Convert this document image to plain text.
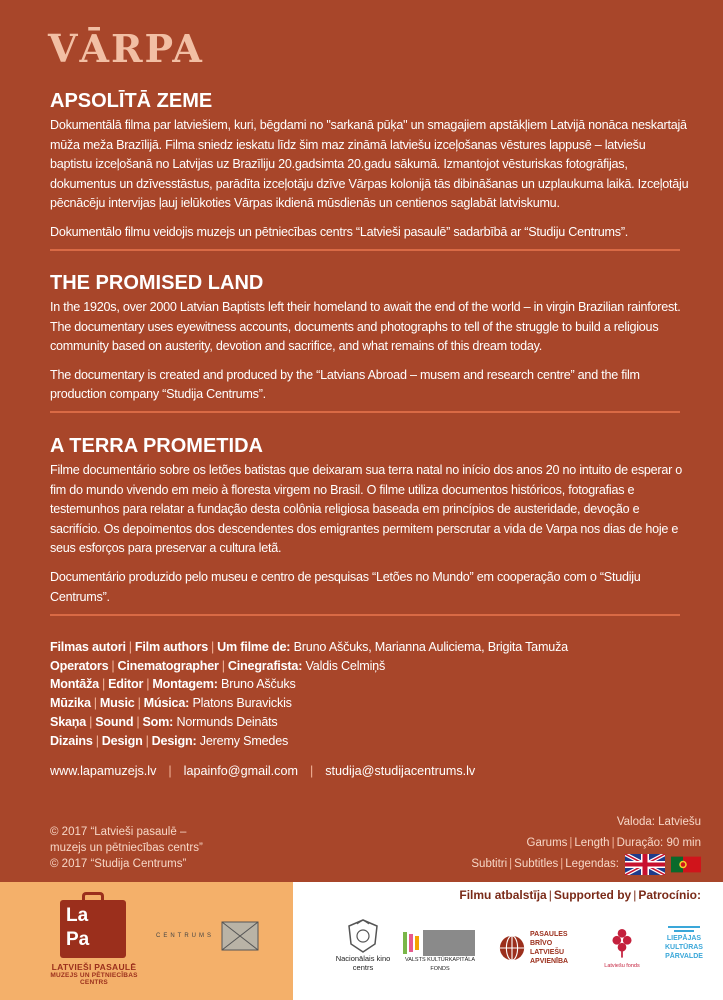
VĀRPA
APSOLĪTĀ ZEME

Dokumentālā filma par latviešiem, kuri, bēgdami no "sarkanā pūķa" un smagajiem apstākļiem Latvijā nonāca neskartajā mūža meža Brazīlijā. Filma sniedz ieskatu līdz šim maz zināmā latviešu izceļošanas vēstures lappusē – latviešu baptistu izceļošanā no Latvijas uz Brazīliju 20.gadsimta 20.gadu sākumā. Izmantojot vēsturiskas fotogrāfijas, dokumentus un dzīvesstāstus, parādīta izceļotāju dzīve Vārpas kolonijā tās dibināšanas un uzplaukuma laikā. Izceļotāju pēcnācēju intervijas ļauj ielūkoties Vārpas ikdienā mūsdienās un centienos saglabāt latviskumu.

Dokumentālo filmu veidojis muzejs un pētniecības centrs “Latvieši pasaulē” sadarbībā ar “Studiju Centrums”.

THE PROMISED LAND

In the 1920s, over 2000 Latvian Baptists left their homeland to await the end of the world – in virgin Brazilian rainforest. The documentary uses eyewitness accounts, documents and photographs to tell of the struggle to build a religious community based on austerity, devotion and sacrifice, and what remains of this dream today.

The documentary is created and produced by the “Latvians Abroad – musem and research centre” and the film production company “Studija Centrums”.

A TERRA PROMETIDA

Filme documentário sobre os letões batistas que deixaram sua terra natal no início dos anos 20 no intuito de esperar o fim do mundo vivendo em meio à floresta virgem no Brasil. O filme utiliza documentos históricos, fotografias e testemunhos para relatar a fundação desta colônia religiosa baseada em princípios de austeridade, devoção e sacrifício. Os depoimentos dos descendentes dos emigrantes permitem perscrutar a vida de Varpa nos dias de hoje e seus esforços para preservar a cultura letã.

Documentário produzido pelo museu e centro de pesquisas “Letões no Mundo” em cooperação com o “Studiju Centrums”.

Filmas autori | Film authors | Um filme de: Bruno Aščuks, Marianna Auliciema, Brigita Tamuža
Operators | Cinematographer | Cinegrafista: Valdis Celmiņš
Montāža | Editor | Montagem: Bruno Aščuks
Mūzika | Music | Música: Platons Buravickis
Skaņa | Sound | Som: Normunds Deināts
Dizains | Design | Design: Jeremy Smedes
www.lapamuzejs.lv | lapainfo@gmail.com | studija@studijacentrums.lv
© 2017 “Latvieši pasaulē –
muzejs un pētniecības centrs”
© 2017 “Studija Centrums”
Valoda: Latviešu
Garums | Length | Duração: 90 min
Subtitri | Subtitles | Legendas:
Filmu atbalstīja | Supported by | Patrocínio:
La
Pa
LATVIEŠI PASAULĒ
MUZEJS UN PĒTNIECĪBAS CENTRS
CENTRUMS
Nacionālais kino centrs
VALSTS KULTŪRKAPITĀLA FONDS
PASAULES BRĪVO LATVIEŠU APVIENĪBA
Latviešu fonds
LIEPĀJAS KULTŪRAS PĀRVALDE
